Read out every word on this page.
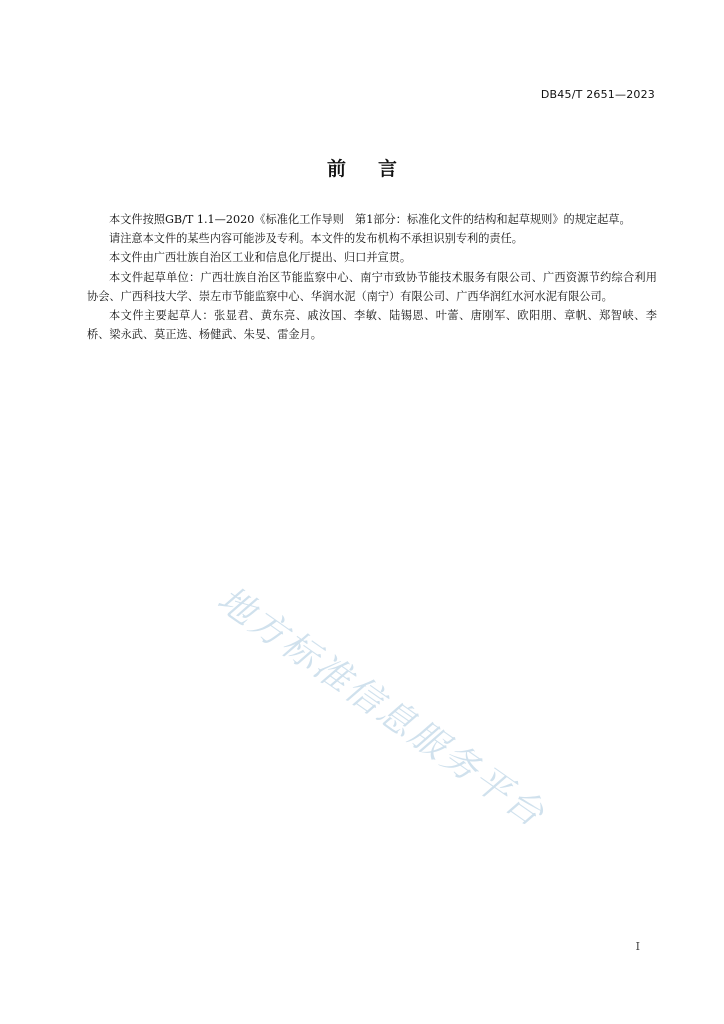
DB45/T 2651—2023
前 言

本文件按照GB/T 1.1—2020《标准化工作导则　第1部分：标准化文件的结构和起草规则》的规定起草。

请注意本文件的某些内容可能涉及专利。本文件的发布机构不承担识别专利的责任。

本文件由广西壮族自治区工业和信息化厅提出、归口并宣贯。

本文件起草单位：广西壮族自治区节能监察中心、南宁市致协节能技术服务有限公司、广西资源节约综合利用协会、广西科技大学、崇左市节能监察中心、华润水泥（南宁）有限公司、广西华润红水河水泥有限公司。

本文件主要起草人：张显君、黄东亮、戚汝国、李敏、陆锡恩、叶蕾、唐刚军、欧阳朋、章帆、郑智峡、李桥、梁永武、莫正选、杨健武、朱旻、雷金月。

地方标准信息服务平台
I
